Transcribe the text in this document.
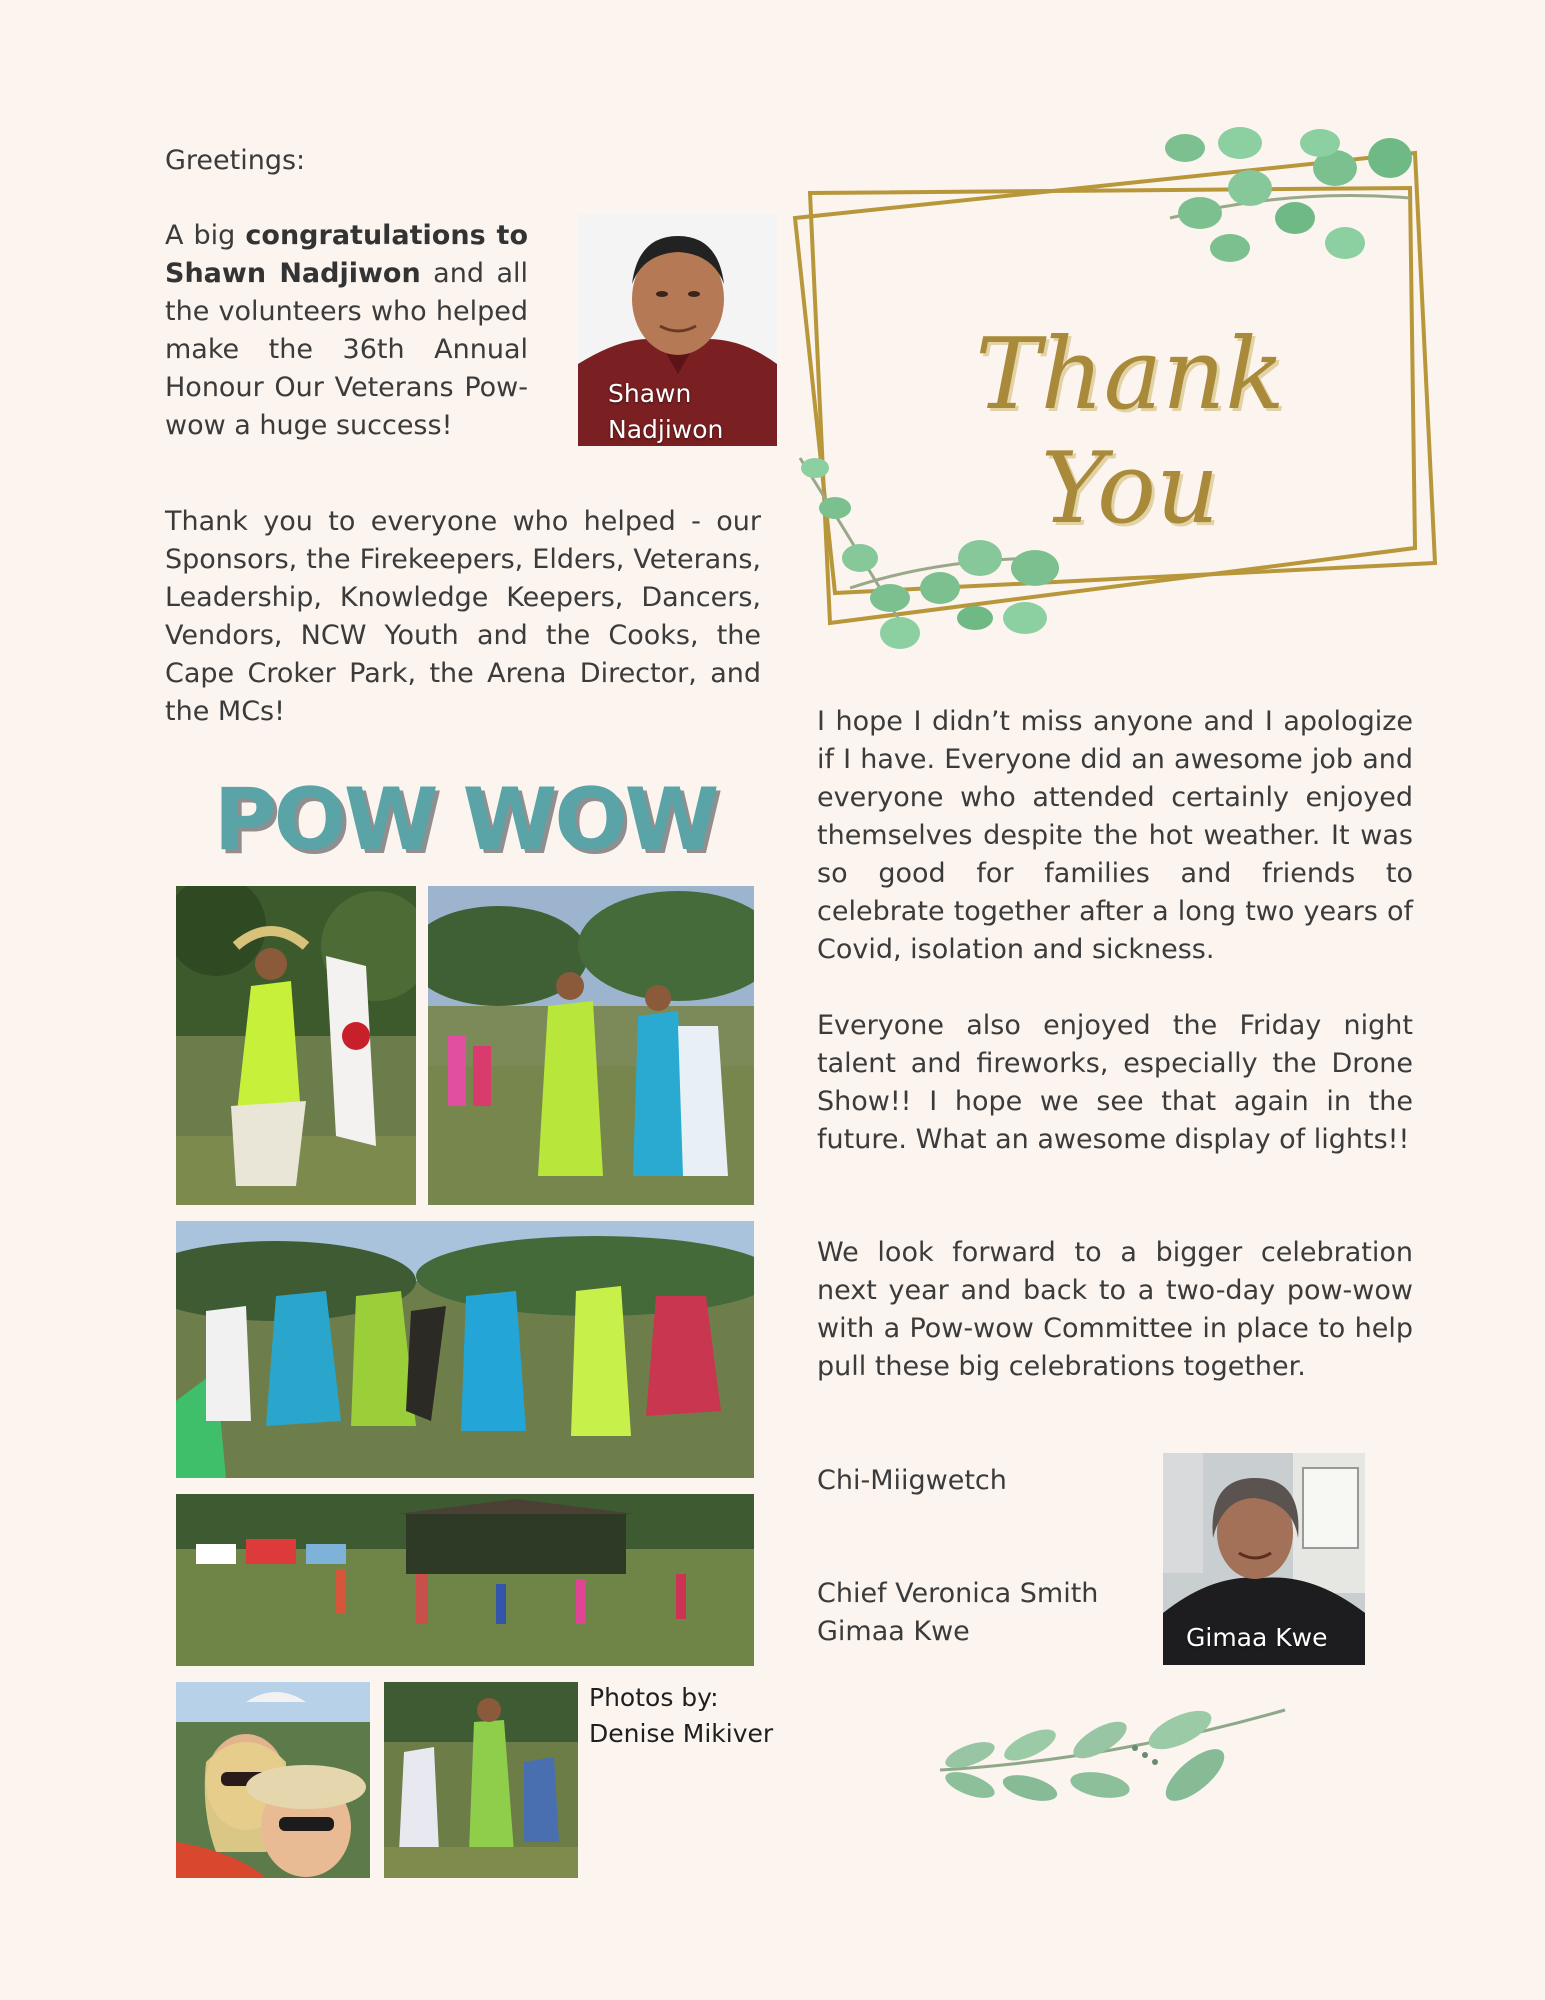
Greetings:
A big congratulations to Shawn Nadjiwon and all the volunteers who helped make the 36th Annual Honour Our Veterans Pow-wow a huge success!
Shawn
Nadjiwon
Thank you to everyone who helped - our Sponsors, the Firekeepers, Elders, Veterans, Leadership, Knowledge Keepers, Dancers, Vendors, NCW Youth and the Cooks, the Cape Croker Park, the Arena Director, and the MCs!
POW WOW
Photos by:
Denise Mikiver
Thank You
I hope I didn’t miss anyone and I apologize if I have. Everyone did an awesome job and everyone who attended certainly enjoyed themselves despite the hot weather. It was so good for families and friends to celebrate together after a long two years of Covid, isolation and sickness.
Everyone also enjoyed the Friday night talent and fireworks, especially the Drone Show!! I hope we see that again in the future. What an awesome display of lights!!
We look forward to a bigger celebration next year and back to a two-day pow-wow with a Pow-wow Committee in place to help pull these big celebrations together.
Chi-Miigwetch
Chief Veronica Smith
Gimaa Kwe	Gimaa Kwe
